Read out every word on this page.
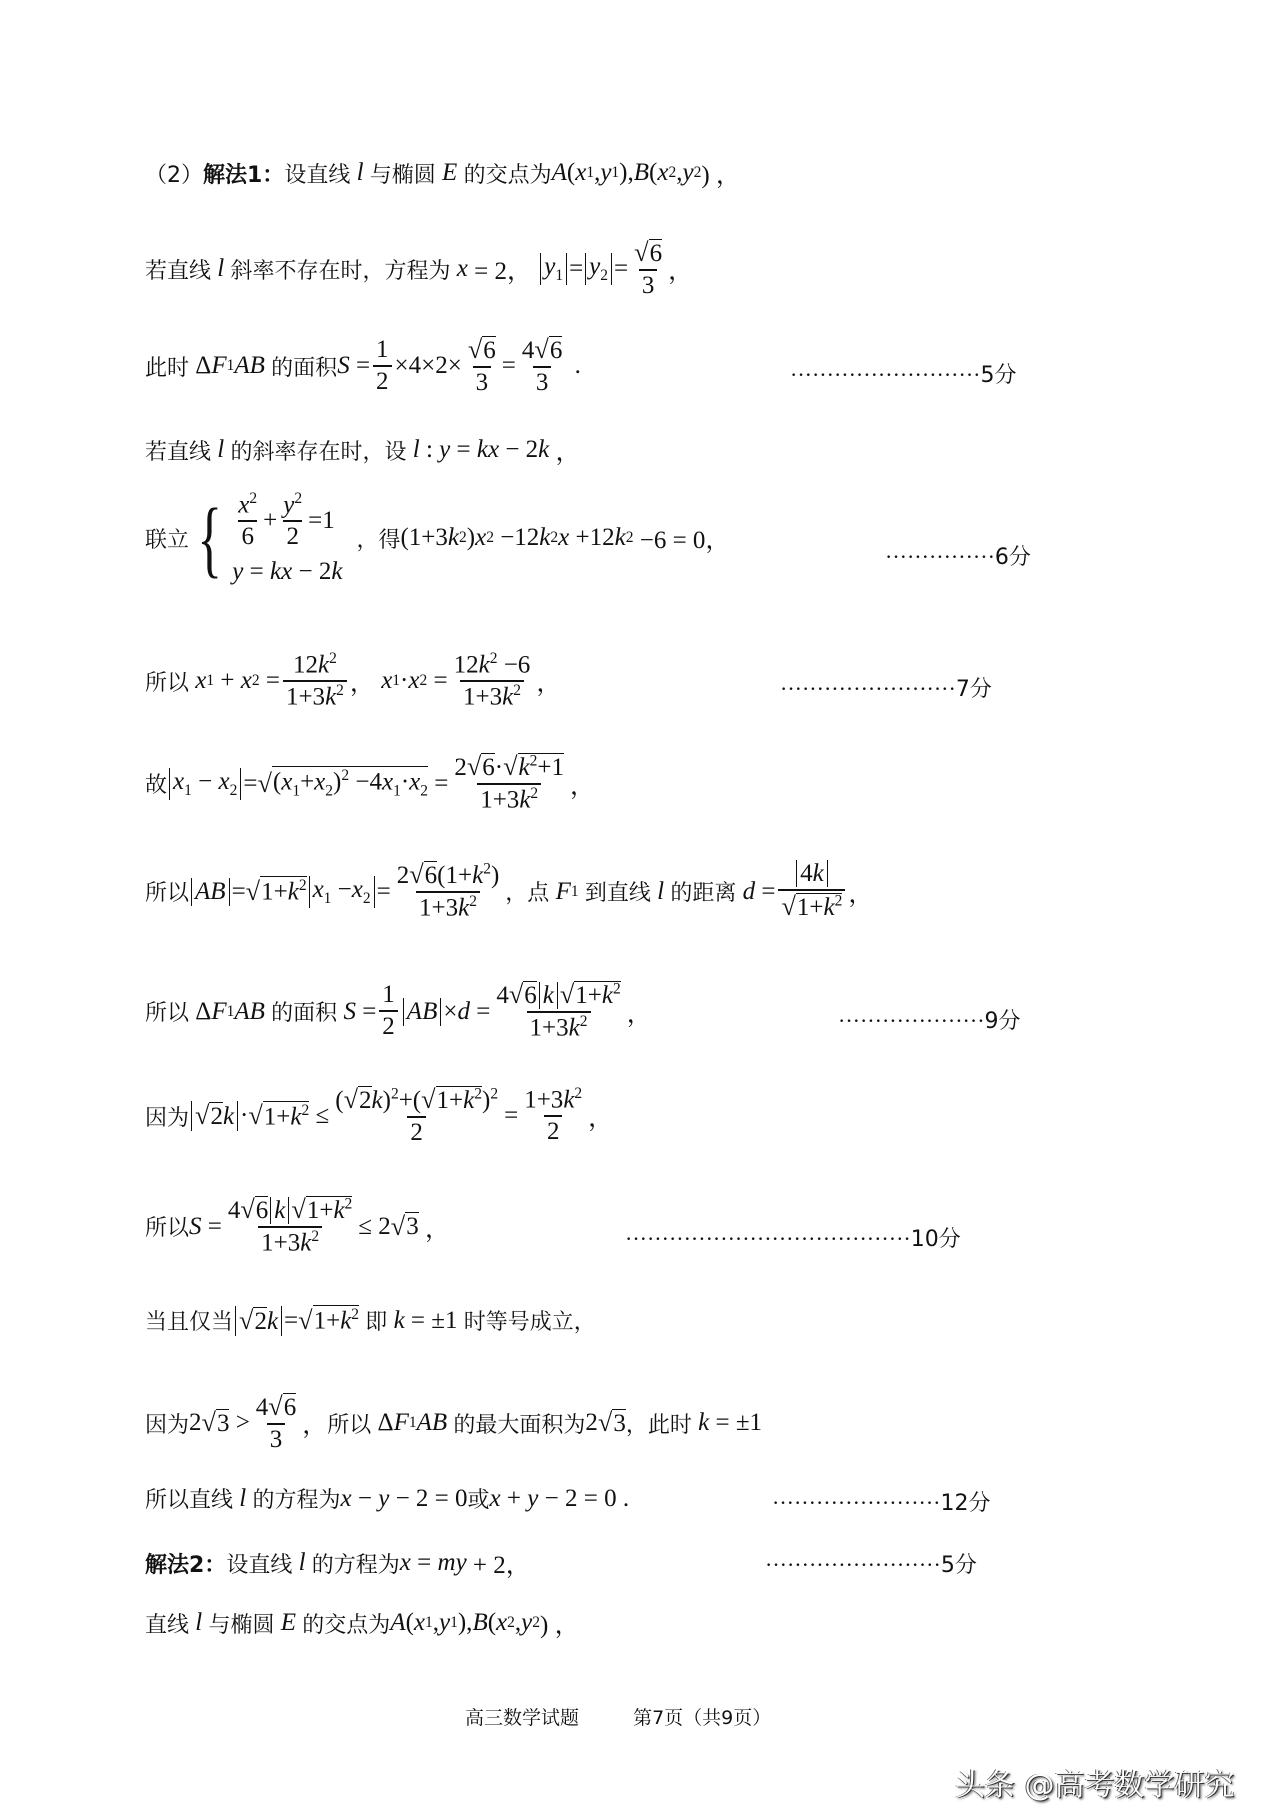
（2） 解法1： 设直线 l 与椭圆 E 的交点为 A ( x 1 , y 1 ), B ( x 2 , y 2 ) ，
若直线 l 斜率不存在时，方程为
x = 2， $y_1 = y_2 = \frac{√6}{3}$ ，
此时 Δ F 1 AB
的面积 $S = \frac{1}{2} \times 4\times 2\times \frac{√6}{3} = \frac{4√6}{3}$ .	··························5分
若直线 l 的斜率存在时，设 l : y = kx − 2 k ，
联立 { $\frac{x^2}{6} + \frac{y^2}{2} =1$
y = kx − 2k
，得 (1+3 k 2 ) x 2 −12 k 2 x +12 k 2 −6 = 0，
···············6分
所以 x 1 + x $2 = \frac{12k^2}{1+3k^2}$ ， x 1 · x $2 = \frac{12k^2 -6}{1+3k^2}$ ，	························7分
故 $x_1 - x_2$ = √ $(x_1+x_2)^2 -4x_1\cdot x_2 = \frac{2√6\cdot√k^2+1}{1+3k^2}$ ，
所以 AB = √ $1+k^2$ $x_1 -x_2 = \frac{2√6(1+k^2)}{1+3k^2}$ ，点 F 1
到直线 l 的距离 $d = \frac{4k}{√1+k^2}$ ，
所以 Δ F 1 AB
的面积 $S = \frac{1}{2}$ AB × $d = \frac{4√6 k √1+k^2}{1+3k^2}$ ，	····················9分
因为 √2k · √ $1+k^2 \le \frac{(√2k)^2+(√1+k^2)^2}{2} = \frac{1+3k^2}{2}$ ，
所以 $S = \frac{4√6 k √1+k^2}{1+3k^2} \le 2$ √ 3 ，	·······································10分
当且仅当 √2k = √ $1+k^2$
即 k = ±1 时等号成立，
因为 2 √ $3 > \frac{4√6}{3}$ ， 所以 Δ F 1 AB
的最大面积为 2 √ 3 ，此时 k = ±1
所以 直线 l 的方程为 x − y − 2 = 0 或 x + y − 2 = 0 .	·······················12分
解法2： 设直线 l 的方程为 x = my + 2，	························5分
直线 l 与椭圆 E 的交点为 A ( x 1 , y 1 ), B ( x 2 , y 2 ) ，
高三数学试题	第7页（共9页）
头条 @高考数学研究
